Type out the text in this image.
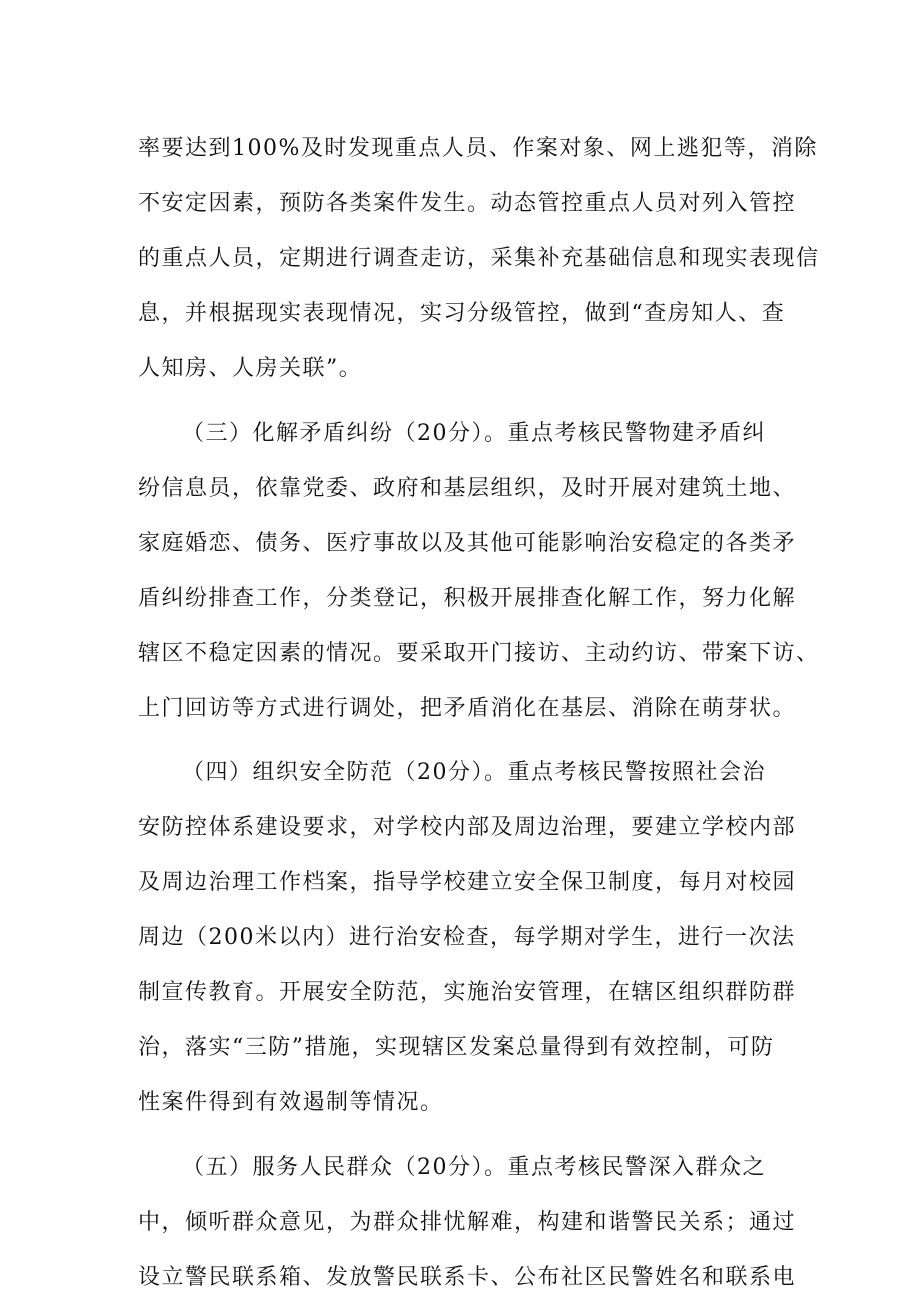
率要达到100%及时发现重点人员、作案对象、网上逃犯等，消除
不安定因素，预防各类案件发生。动态管控重点人员对列入管控
的重点人员，定期进行调查走访，采集补充基础信息和现实表现信
息，并根据现实表现情况，实习分级管控，做到“查房知人、查
人知房、人房关联”。
（三）化解矛盾纠纷（20分）。重点考核民警物建矛盾纠
纷信息员，依靠党委、政府和基层组织，及时开展对建筑土地、
家庭婚恋、债务、医疗事故以及其他可能影响治安稳定的各类矛
盾纠纷排查工作，分类登记，积极开展排查化解工作，努力化解
辖区不稳定因素的情况。要采取开门接访、主动约访、带案下访、
上门回访等方式进行调处，把矛盾消化在基层、消除在萌芽状。
（四）组织安全防范（20分）。重点考核民警按照社会治
安防控体系建设要求，对学校内部及周边治理，要建立学校内部
及周边治理工作档案，指导学校建立安全保卫制度，每月对校园
周边（200米以内）进行治安检查，每学期对学生，进行一次法
制宣传教育。开展安全防范，实施治安管理，在辖区组织群防群
治，落实“三防”措施，实现辖区发案总量得到有效控制，可防
性案件得到有效遏制等情况。
（五）服务人民群众（20分）。重点考核民警深入群众之
中，倾听群众意见，为群众排忧解难，构建和谐警民关系；通过
设立警民联系箱、发放警民联系卡、公布社区民警姓名和联系电
